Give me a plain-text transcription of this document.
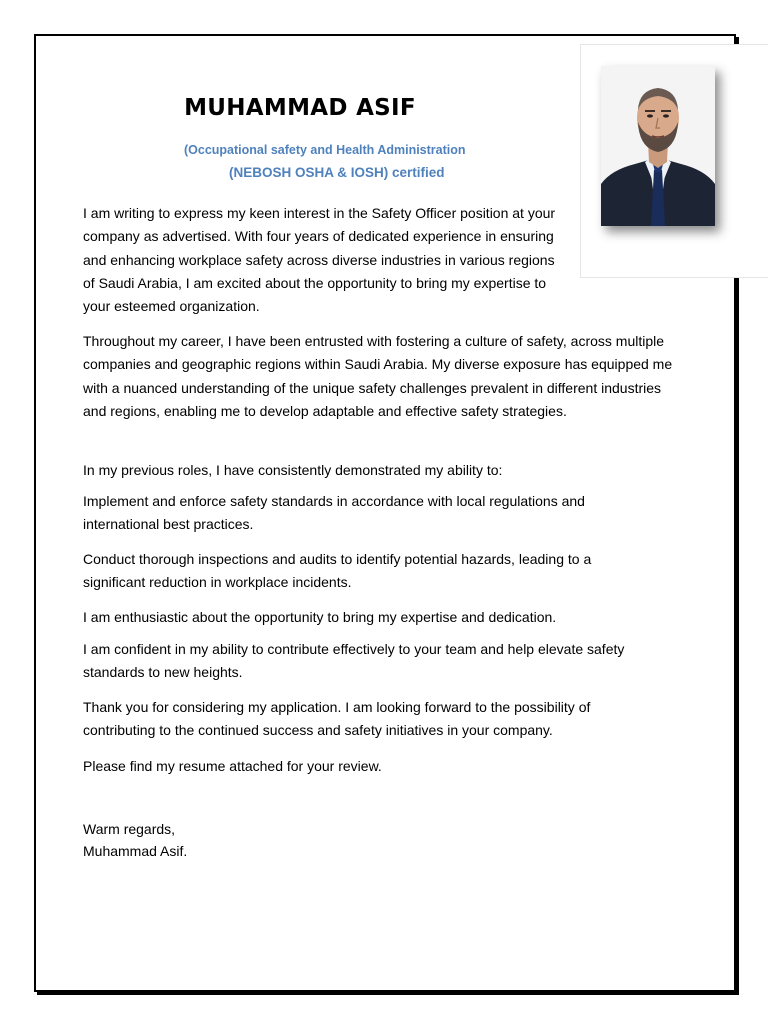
MUHAMMAD ASIF

(Occupational safety and Health Administration

(NEBOSH OSHA & IOSH) certified

I am writing to express my keen interest in the Safety Officer position at your company as advertised. With four years of dedicated experience in ensuring and enhancing workplace safety across diverse industries in various regions of Saudi Arabia, I am excited about the opportunity to bring my expertise to your esteemed organization.

Throughout my career, I have been entrusted with fostering a culture of safety, across multiple companies and geographic regions within Saudi Arabia. My diverse exposure has equipped me with a nuanced understanding of the unique safety challenges prevalent in different industries and regions, enabling me to develop adaptable and effective safety strategies.

In my previous roles, I have consistently demonstrated my ability to:

Implement and enforce safety standards in accordance with local regulations and international best practices.

Conduct thorough inspections and audits to identify potential hazards, leading to a significant reduction in workplace incidents.

I am enthusiastic about the opportunity to bring my expertise and dedication.

I am confident in my ability to contribute effectively to your team and help elevate safety standards to new heights.

Thank you for considering my application. I am looking forward to the possibility of contributing to the continued success and safety initiatives in your company.

Please find my resume attached for your review.

Warm regards,
Muhammad Asif.
